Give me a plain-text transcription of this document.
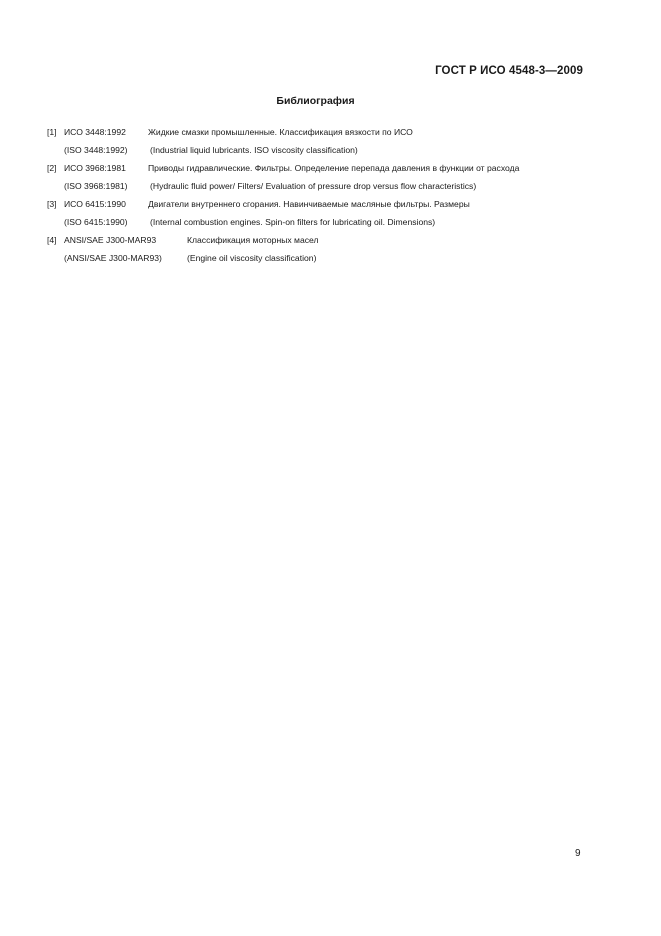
ГОСТ Р ИСО 4548-3—2009
Библиография
[1] ИСО 3448:1992	Жидкие смазки промышленные. Классификация вязкости по ИСО
(ISO 3448:1992)	(Industrial liquid lubricants. ISO viscosity classification)
[2] ИСО 3968:1981	Приводы гидравлические. Фильтры. Определение перепада давления в функции от расхода
(ISO 3968:1981)	(Hydraulic fluid power/ Filters/ Evaluation of pressure drop versus flow characteristics)
[3] ИСО 6415:1990	Двигатели внутреннего сгорания. Навинчиваемые масляные фильтры. Размеры
(ISO 6415:1990)	(Internal combustion engines. Spin-on filters for lubricating oil. Dimensions)
[4] ANSI/SAE J300-MAR93	Классификация моторных масел
(ANSI/SAE J300-MAR93)	(Engine oil viscosity classification)
9
